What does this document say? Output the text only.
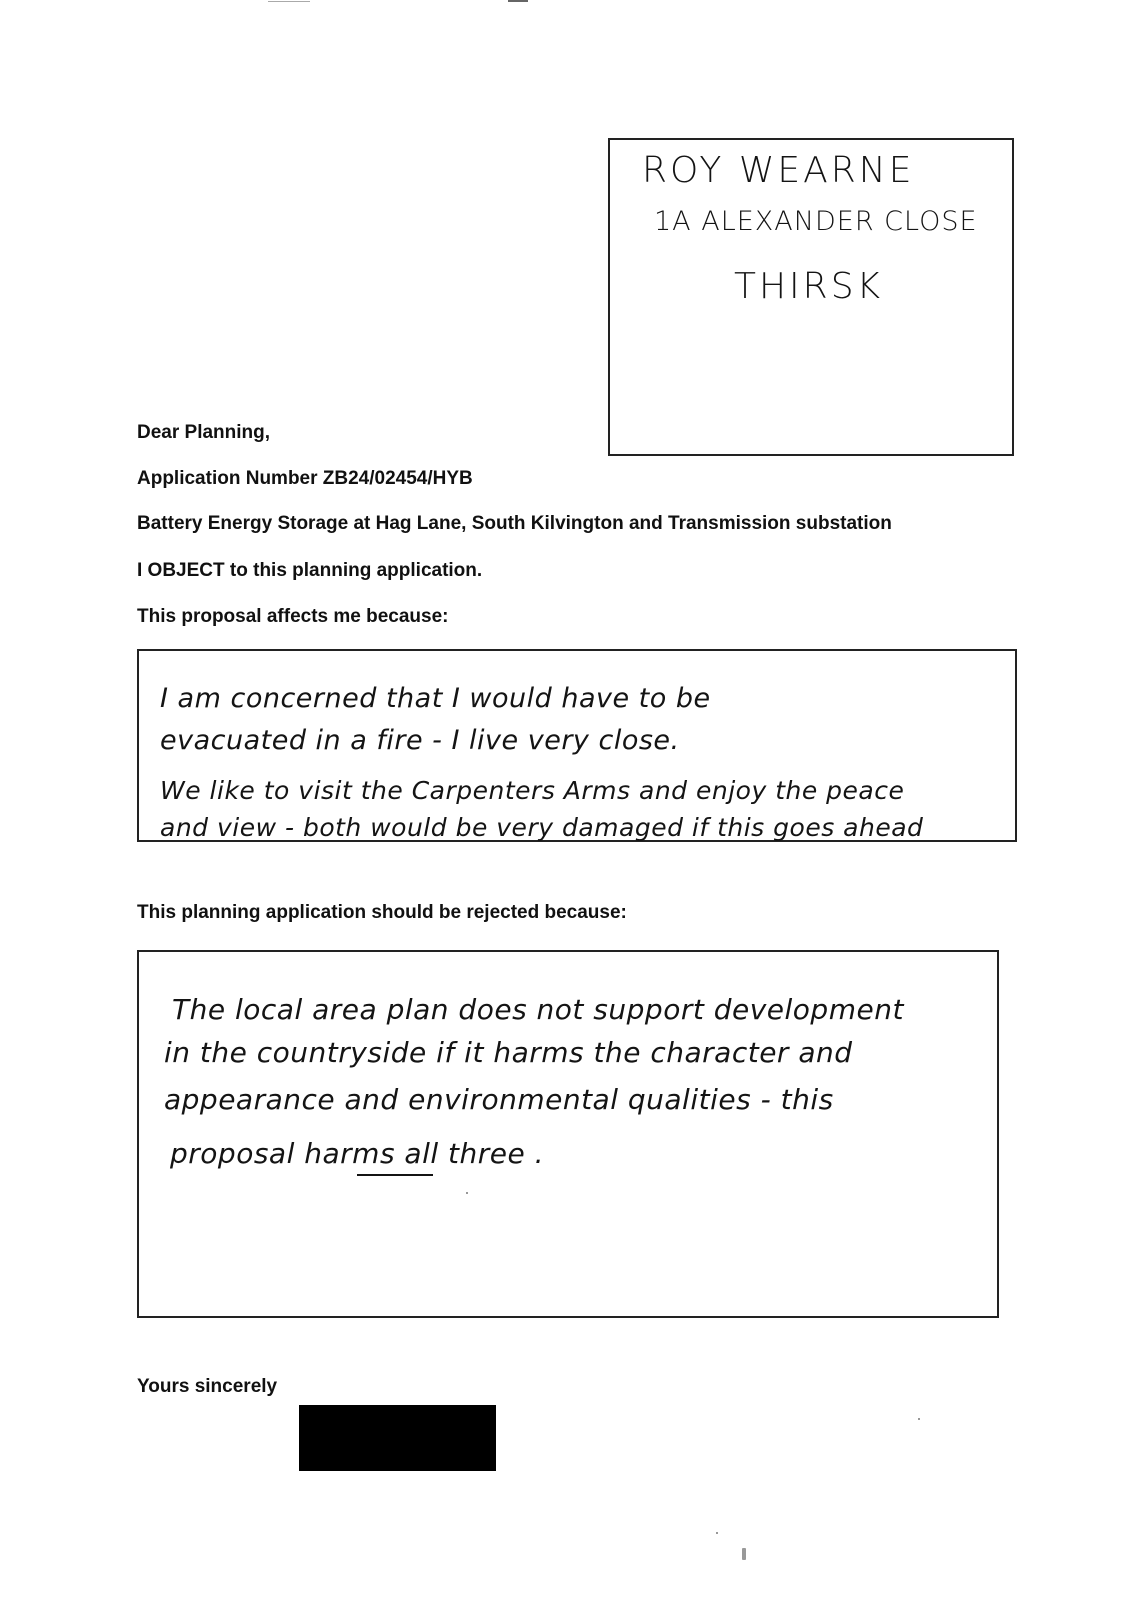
ROY WEARNE
1A ALEXANDER CLOSE
THIRSK
Dear Planning,
Application Number ZB24/02454/HYB
Battery Energy Storage at Hag Lane, South Kilvington and Transmission substation
I OBJECT to this planning application.
This proposal affects me because:
I am concerned that I would have to be
evacuated in a fire - I live very close.
We like to visit the Carpenters Arms and enjoy the peace
and view - both would be very damaged if this goes ahead
This planning application should be rejected because:
The local area plan does not support development
in the countryside if it harms the character and
appearance and environmental qualities - this
proposal harms all three .
Yours sincerely
